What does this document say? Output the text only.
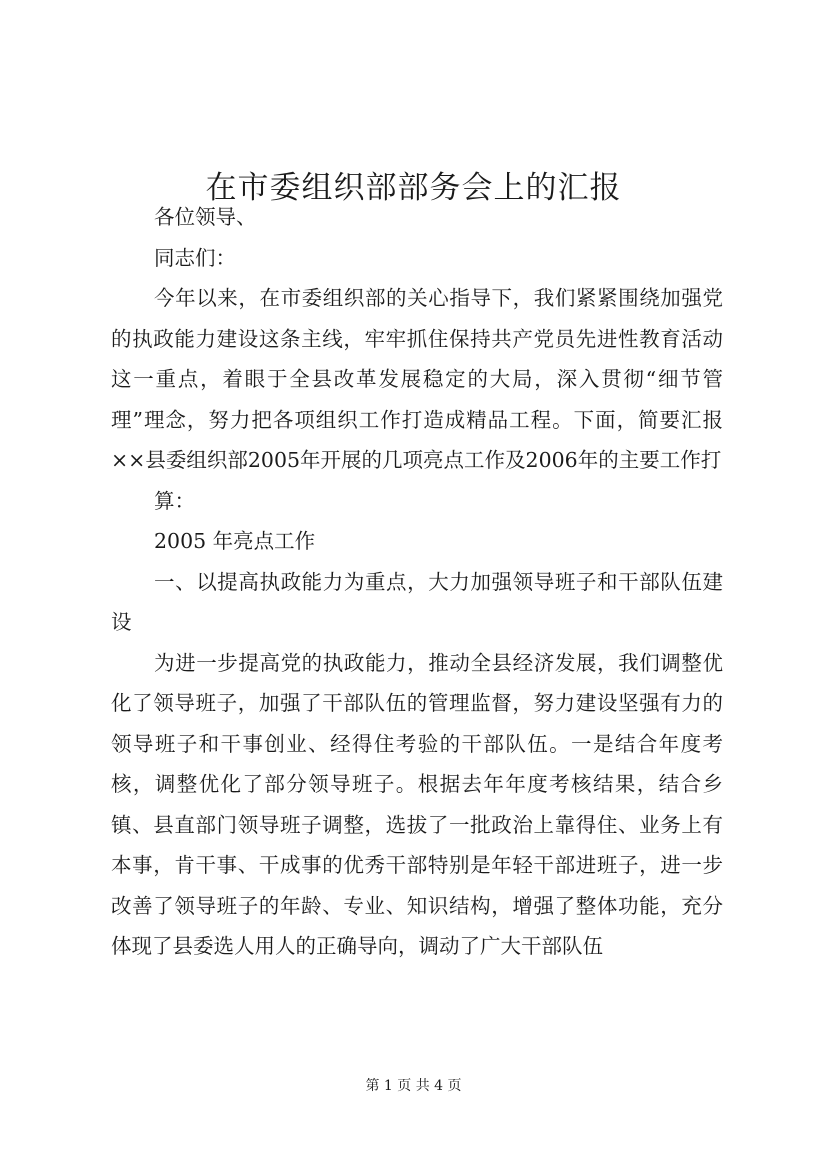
在市委组织部部务会上的汇报

各位领导、

同志们：

今年以来，在市委组织部的关心指导下，我们紧紧围绕加强党的执政能力建设这条主线，牢牢抓住保持共产党员先进性教育活动这一重点，着眼于全县改革发展稳定的大局，深入贯彻“细节管理”理念，努力把各项组织工作打造成精品工程。下面，简要汇报××县委组织部2005年开展的几项亮点工作及2006年的主要工作打

算：

2005 年亮点工作

一、以提高执政能力为重点，大力加强领导班子和干部队伍建设

为进一步提高党的执政能力，推动全县经济发展，我们调整优化了领导班子，加强了干部队伍的管理监督，努力建设坚强有力的领导班子和干事创业、经得住考验的干部队伍。一是结合年度考核，调整优化了部分领导班子。根据去年年度考核结果，结合乡镇、县直部门领导班子调整，选拔了一批政治上靠得住、业务上有本事，肯干事、干成事的优秀干部特别是年轻干部进班子，进一步改善了领导班子的年龄、专业、知识结构，增强了整体功能，充分体现了县委选人用人的正确导向，调动了广大干部队伍

第 1 页 共 4 页
